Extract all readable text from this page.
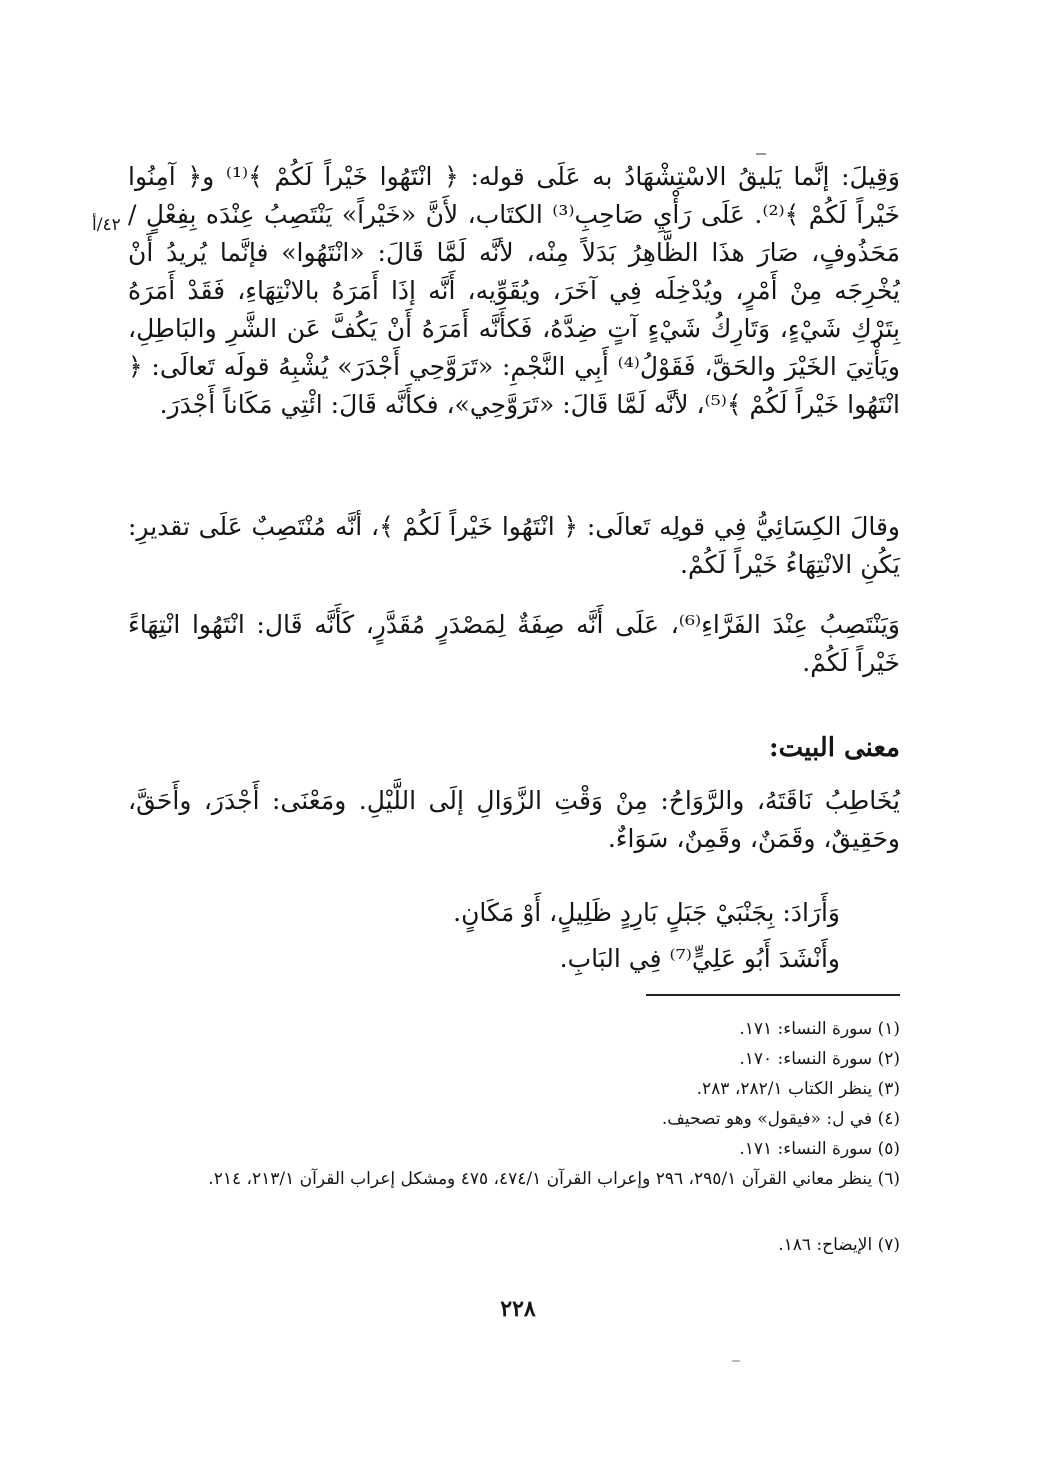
وَقِيلَ: إنَّما يَليقُ الاسْتِشْهَادُ به عَلَى قوله: ﴿ انْتَهُوا خَيْراً لَكُمْ ﴾⁽¹⁾ و﴿ آمِنُوا خَيْراً لَكُمْ ﴾⁽²⁾. عَلَى رَأْيِ صَاحِبِ⁽³⁾ الكتَاب، لأَنَّ «خَيْراً» يَنْتَصِبُ عِنْدَه بِفِعْلٍ / مَحَذُوفٍ، صَارَ هذَا الظَّاهِرُ بَدَلاً مِنْه، لأنَّه لَمَّا قَالَ: «انْتَهُوا» فإنَّما يُريدُ أَنْ يُخْرِجَه مِنْ أَمْرٍ، ويُدْخِلَه فِي آخَرَ، ويُقَوِّيه، أَنَّه إذَا أَمَرَهُ بالانْتِهَاءِ، فَقَدْ أَمَرَهُ بِتَرْكِ شَيْءٍ، وَتَارِكُ شَيْءٍ آتٍ ضِدَّهُ، فَكأَنَّه أَمَرَهُ أَنْ يَكُفَّ عَن الشَّرِ والبَاطِلِ، ويَأْتِيَ الخَيْرَ والحَقَّ، فَقَوْلُ⁽⁴⁾ أَبِي النَّجْمِ: «تَرَوَّحِي أَجْدَرَ» يُشْبِهُ قولَه تَعالَى: ﴿ انْتَهُوا خَيْراً لَكُمْ ﴾⁽⁵⁾، لأنَّه لَمَّا قَالَ: «تَرَوَّحِي»، فكأَنَّه قَالَ: ائْتِي مَكَاناً أَجْدَرَ.
٤٢/أ
وقالَ الكِسَائِيُّ فِي قولِه تَعالَى: ﴿ انْتَهُوا خَيْراً لَكُمْ ﴾، أنَّه مُنْتَصِبٌ عَلَى تقديرِ: يَكُنِ الانْتِهَاءُ خَيْراً لَكُمْ.
وَيَنْتَصِبُ عِنْدَ الفَرَّاءِ⁽⁶⁾، عَلَى أَنَّه صِفَةٌ لِمَصْدَرٍ مُقَدَّرٍ، كَأَنَّه قَال: انْتَهُوا انْتِهَاءً خَيْراً لَكُمْ.
معنى البيت:
يُخَاطِبُ نَاقَتَهُ، والرَّوَاحُ: مِنْ وَقْتِ الزَّوَالِ إلَى اللَّيْلِ. ومَعْنَى: أَجْدَرَ، وأَحَقَّ، وحَقِيقٌ، وقَمَنٌ، وقَمِنٌ، سَوَاءٌ.
وَأَرَادَ: بِجَنْبَيْ جَبَلٍ بَارِدٍ ظَلِيلٍ، أَوْ مَكَانٍ.
وأَنْشَدَ أَبُو عَلِيٍّ⁽⁷⁾ فِي البَابِ.
(١) سورة النساء: ١٧١.
(٢) سورة النساء: ١٧٠.
(٣) ينظر الكتاب ٢٨٢/١، ٢٨٣.
(٤) في ل: «فيقول» وهو تصحيف.
(٥) سورة النساء: ١٧١.
(٦) ينظر معاني القرآن ٢٩٥/١، ٢٩٦ وإعراب القرآن ٤٧٤/١، ٤٧٥ ومشكل إعراب القرآن ٢١٣/١، ٢١٤.
(٧) الإيضاح: ١٨٦.
٢٢٨
